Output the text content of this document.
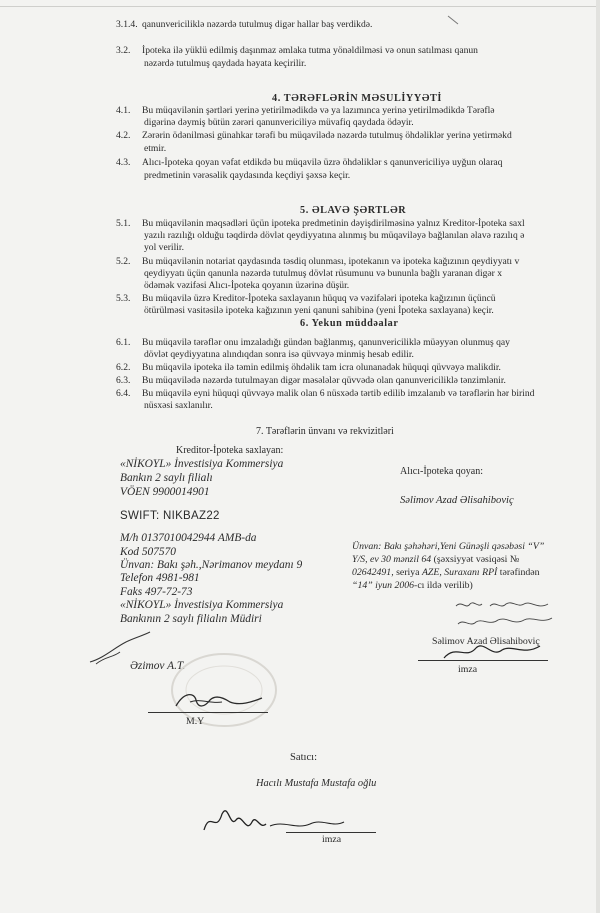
3.1.4. qanunvericiliklə nəzərdə tutulmuş digər hallar baş verdikdə.
3.2. İpoteka ilə yüklü edilmiş daşınmaz əmlaka tutma yönəldilməsi və onun satılması qanun
nəzərdə tutulmuş qaydada həyata keçirilir.
4. TƏRƏFLƏRİN MƏSULİYYƏTİ
4.1. Bu müqavilənin şərtləri yerinə yetirilmədikdə və ya lazımınca yerinə yetirilmədikdə Tərəflə
digərinə dəymiş bütün zərəri qanunvericiliyə müvafiq qaydada ödəyir.
4.2. Zərərin ödənilməsi günahkar tərəfi bu müqavilədə nəzərdə tutulmuş öhdəliklər yerinə yetirməkd
etmir.
4.3. Alıcı-İpoteka qoyan vəfat etdikdə bu müqavilə üzrə öhdəliklər s qanunvericiliyə uyğun olaraq
predmetinin vərəsəlik qaydasında keçdiyi şəxsə keçir.
5. ƏLAVƏ ŞƏRTLƏR
5.1. Bu müqavilənin məqsədləri üçün ipoteka predmetinin dəyişdirilməsinə yalnız Kreditor-İpoteka saxl
yazılı razılığı olduğu təqdirdə dövlət qeydiyyatına alınmış bu müqaviləyə bağlanılan əlavə razılıq ə
yol verilir.
5.2. Bu müqavilənin notariat qaydasında təsdiq olunması, ipotekanın və ipoteka kağızının qeydiyyatı v
qeydiyyatı üçün qanunla nəzərdə tutulmuş dövlət rüsumunu və bununla bağlı yaranan digər x
ödəmək vəzifəsi Alıcı-İpoteka qoyanın üzərinə düşür.
5.3. Bu müqavilə üzrə Kreditor-İpoteka saxlayanın hüquq və vəzifələri ipoteka kağızının üçüncü
ötürülməsi vasitəsilə ipoteka kağızının yeni qanuni sahibinə (yeni İpoteka saxlayana) keçir.
6. Yekun müddəalar
6.1. Bu müqavilə tərəflər onu imzaladığı gündən bağlanmış, qanunvericiliklə müəyyən olunmuş qay
dövlət qeydiyyatına alındıqdan sonra isə qüvvəyə minmiş hesab edilir.
6.2. Bu müqavilə ipoteka ilə təmin edilmiş öhdəlik tam icra olunanadək hüquqi qüvvəyə malikdir.
6.3. Bu müqavilədə nəzərdə tutulmayan digər məsələlər qüvvədə olan qanunvericiliklə tənzimlənir.
6.4. Bu müqavilə eyni hüquqi qüvvəyə malik olan 6 nüsxədə tərtib edilib imzalanıb və tərəflərin hər birind
nüsxəsi saxlanılır.
7. Tərəflərin ünvanı və rekvizitləri
Kreditor-İpoteka saxlayan:
«NİKOYL» İnvestisiya Kommersiya
Bankın 2 saylı filialı
VÖEN 9900014901
SWIFT: NIKBAZ22
M/h 0137010042944 AMB-da
Kod 507570
Ünvan: Bakı şəh.,Nərimanov meydanı 9
Telefon 4981-981
Faks 497-72-73
«NİKOYL» İnvestisiya Kommersiya
Bankının 2 saylı filialın Müdiri
Əzimov A.T.
M.Y
Alıcı-İpoteka qoyan:
Səlimov Azad Əlisahiboviç
Ünvan: Bakı şəhəhəri,Yeni Günəşli qəsəbəsi “V”
Y/S, ev 30 mənzil 64 (şəxsiyyət vəsiqəsi №
02642491, seriya AZE, Suraxanı RPİ tərəfindən
“14” iyun 2006-cı ildə verilib)
Səlimov Azad Əlisahiboviç
imza
Satıcı:
Hacılı Mustafa Mustafa oğlu
imza
